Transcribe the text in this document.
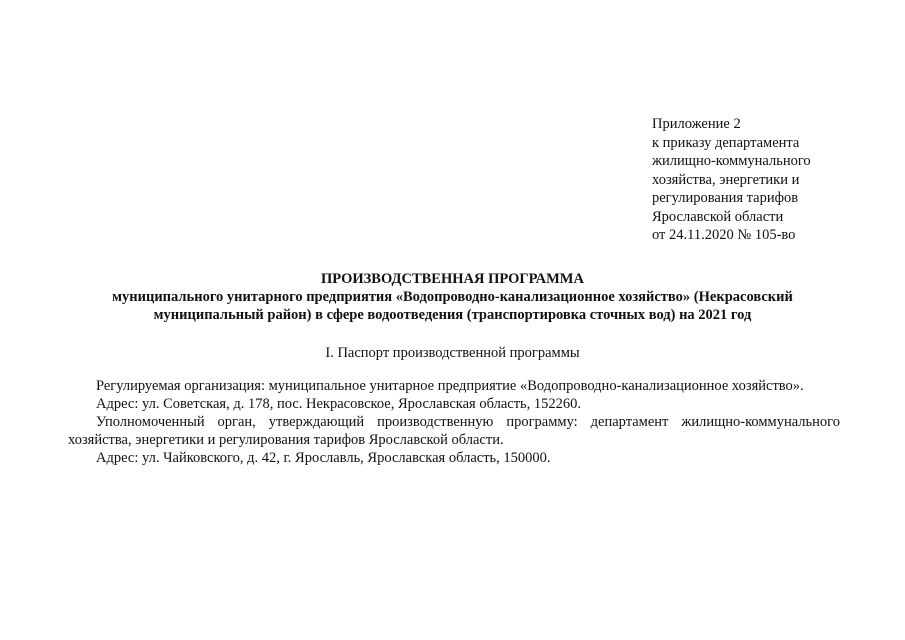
Приложение 2
к приказу департамента
жилищно-коммунального
хозяйства, энергетики и
регулирования тарифов
Ярославской области
от 24.11.2020 № 105-во
ПРОИЗВОДСТВЕННАЯ ПРОГРАММА
муниципального унитарного предприятия «Водопроводно-канализационное хозяйство» (Некрасовский
муниципальный район) в сфере водоотведения (транспортировка сточных вод) на 2021 год
I. Паспорт производственной программы

Регулируемая организация: муниципальное унитарное предприятие «Водопроводно-канализационное хозяйство».

Адрес: ул. Советская, д. 178, пос. Некрасовское, Ярославская область, 152260.

Уполномоченный орган, утверждающий производственную программу: департамент жилищно-коммунального хозяйства, энергетики и регулирования тарифов Ярославской области.

Адрес: ул. Чайковского, д. 42, г. Ярославль, Ярославская область, 150000.
